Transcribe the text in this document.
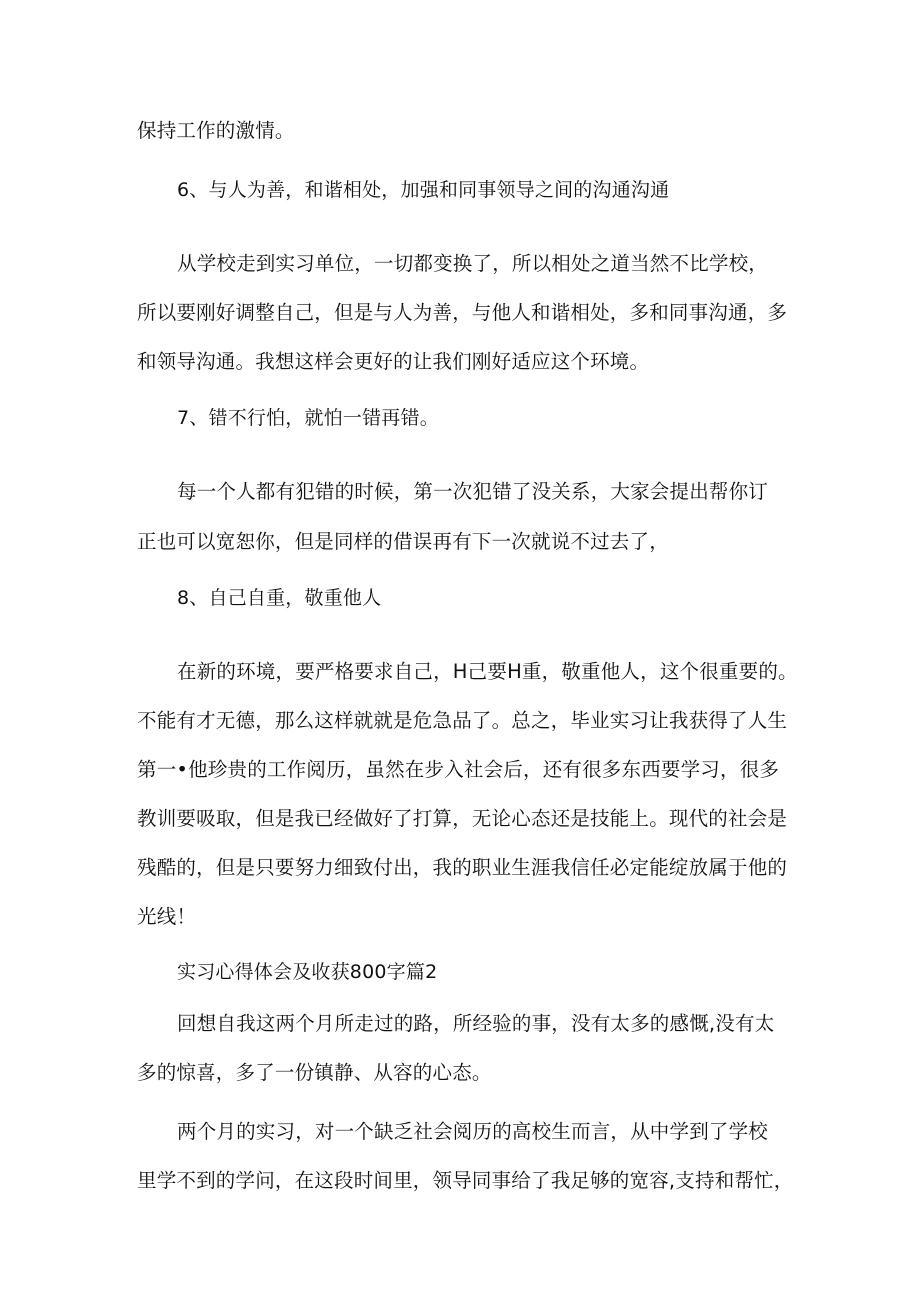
保持工作的激情。
6、与人为善，和谐相处，加强和同事领导之间的沟通沟通
从学校走到实习单位，一切都变换了，所以相处之道当然不比学校，
所以要刚好调整自己，但是与人为善，与他人和谐相处，多和同事沟通，多
和领导沟通。我想这样会更好的让我们刚好适应这个环境。
7、错不行怕，就怕一错再错。
每一个人都有犯错的时候，第一次犯错了没关系，大家会提出帮你订
正也可以宽恕你，但是同样的借误再有下一次就说不过去了，
8、自己自重，敬重他人
在新的环境，要严格要求自己，H己要H重，敬重他人，这个很重要的。
不能有才无德，那么这样就就是危急品了。总之，毕业实习让我获得了人生
第一•他珍贵的工作阅历，虽然在步入社会后，还有很多东西要学习，很多
教训要吸取，但是我已经做好了打算，无论心态还是技能上。现代的社会是
残酷的，但是只要努力细致付出，我的职业生涯我信任必定能绽放属于他的
光线！
实习心得体会及收获800字篇2
回想自我这两个月所走过的路，所经验的事，没有太多的感慨,没有太
多的惊喜，多了一份镇静、从容的心态。
两个月的实习，对一个缺乏社会阅历的高校生而言，从中学到了学校
里学不到的学问，在这段时间里，领导同事给了我足够的宽容,支持和帮忙，
